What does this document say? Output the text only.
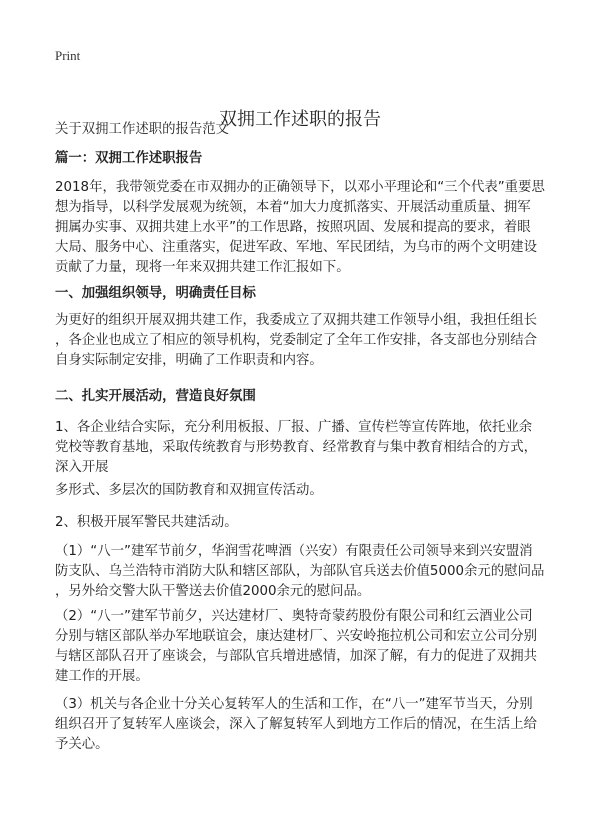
Print
双拥工作述职的报告
关于双拥工作述职的报告范文
篇一：双拥工作述职报告
2018年，我带领党委在市双拥办的正确领导下，以邓小平理论和“三个代表”重要思
想为指导，以科学发展观为统领，本着“加大力度抓落实、开展活动重质量、拥军
拥属办实事、双拥共建上水平”的工作思路，按照巩固、发展和提高的要求，着眼
大局、服务中心、注重落实，促进军政、军地、军民团结，为乌市的两个文明建设
贡献了力量，现将一年来双拥共建工作汇报如下。
一、加强组织领导，明确责任目标
为更好的组织开展双拥共建工作，我委成立了双拥共建工作领导小组，我担任组长
，各企业也成立了相应的领导机构，党委制定了全年工作安排，各支部也分别结合
自身实际制定安排，明确了工作职责和内容。
二、扎实开展活动，营造良好氛围
1、各企业结合实际，充分利用板报、厂报、广播、宣传栏等宣传阵地，依托业余
党校等教育基地，采取传统教育与形势教育、经常教育与集中教育相结合的方式，
深入开展
多形式、多层次的国防教育和双拥宣传活动。
2、积极开展军警民共建活动。
（1）“八一”建军节前夕，华润雪花啤酒（兴安）有限责任公司领导来到兴安盟消
防支队、乌兰浩特市消防大队和辖区部队，为部队官兵送去价值5000余元的慰问品
，另外给交警大队干警送去价值2000余元的慰问品。
（2）“八一”建军节前夕，兴达建材厂、奥特奇蒙药股份有限公司和红云酒业公司
分别与辖区部队举办军地联谊会，康达建材厂、兴安岭拖拉机公司和宏立公司分别
与辖区部队召开了座谈会，与部队官兵增进感情，加深了解，有力的促进了双拥共
建工作的开展。
（3）机关与各企业十分关心复转军人的生活和工作，在“八一”建军节当天，分别
组织召开了复转军人座谈会，深入了解复转军人到地方工作后的情况，在生活上给
予关心。
